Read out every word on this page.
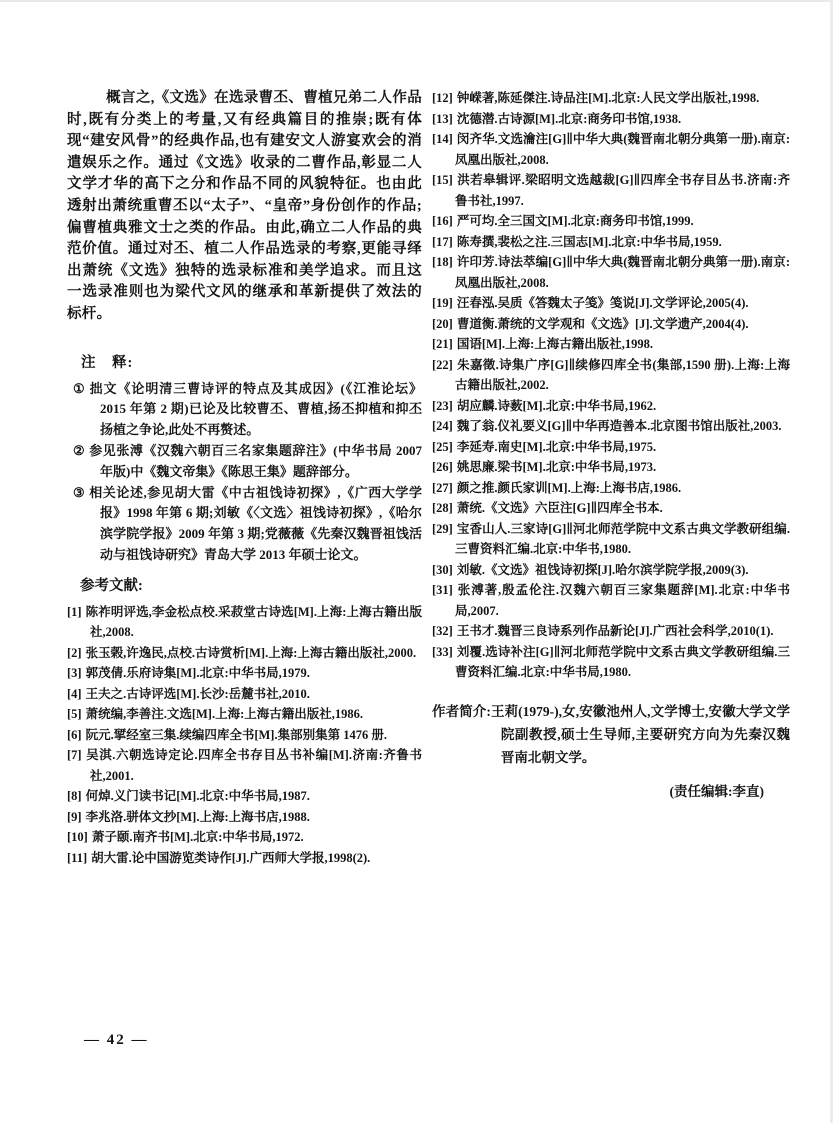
概言之,《文选》在选录曹丕、曹植兄弟二人作品时,既有分类上的考量,又有经典篇目的推崇;既有体现“建安风骨”的经典作品,也有建安文人游宴欢会的消遣娱乐之作。通过《文选》收录的二曹作品,彰显二人文学才华的高下之分和作品不同的风貌特征。也由此透射出萧统重曹丕以“太子”、“皇帝”身份创作的作品;偏曹植典雅文士之类的作品。由此,确立二人作品的典范价值。通过对丕、植二人作品选录的考察,更能寻绎出萧统《文选》独特的选录标准和美学追求。而且这一选录准则也为梁代文风的继承和革新提供了效法的标杆。

注　释:
① 拙文《论明清三曹诗评的特点及其成因》(《江淮论坛》2015 年第 2 期)已论及比较曹丕、曹植,扬丕抑植和抑丕扬植之争论,此处不再赘述。
② 参见张溥《汉魏六朝百三名家集题辞注》(中华书局 2007 年版)中《魏文帝集》《陈思王集》题辞部分。
③ 相关论述,参见胡大雷《中古祖饯诗初探》,《广西大学学报》1998 年第 6 期;刘敏《〈文选〉祖饯诗初探》,《哈尔滨学院学报》2009 年第 3 期;党薇薇《先秦汉魏晋祖饯活动与祖饯诗研究》青岛大学 2013 年硕士论文。
参考文献:
[1] 陈祚明评选,李金松点校.采菽堂古诗选[M].上海:上海古籍出版社,2008.
[2] 张玉榖,许逸民,点校.古诗赏析[M].上海:上海古籍出版社,2000.
[3] 郭茂倩.乐府诗集[M].北京:中华书局,1979.
[4] 王夫之.古诗评选[M].长沙:岳麓书社,2010.
[5] 萧统编,李善注.文选[M].上海:上海古籍出版社,1986.
[6] 阮元.揅经室三集.续编四库全书[M].集部别集第 1476 册.
[7] 吴淇.六朝选诗定论.四库全书存目丛书补编[M].济南:齐鲁书社,2001.
[8] 何焯.义门读书记[M].北京:中华书局,1987.
[9] 李兆洛.骈体文抄[M].上海:上海书店,1988.
[10] 萧子颐.南齐书[M].北京:中华书局,1972.
[11] 胡大雷.论中国游览类诗作[J].广西师大学报,1998(2).
[12] 钟嵘著,陈延傑注.诗品注[M].北京:人民文学出版社,1998.
[13] 沈德潜.古诗源[M].北京:商务印书馆,1938.
[14] 闵齐华.文选瀹注[G]∥中华大典(魏晋南北朝分典第一册).南京:凤凰出版社,2008.
[15] 洪若皋辑评.梁昭明文选越裁[G]∥四库全书存目丛书.济南:齐鲁书社,1997.
[16] 严可均.全三国文[M].北京:商务印书馆,1999.
[17] 陈寿撰,裴松之注.三国志[M].北京:中华书局,1959.
[18] 许印芳.诗法萃编[G]∥中华大典(魏晋南北朝分典第一册).南京:凤凰出版社,2008.
[19] 汪春泓.吴质《答魏太子笺》笺说[J].文学评论,2005(4).
[20] 曹道衡.萧统的文学观和《文选》[J].文学遗产,2004(4).
[21] 国语[M].上海:上海古籍出版社,1998.
[22] 朱嘉徵.诗集广序[G]∥续修四库全书(集部,1590 册).上海:上海古籍出版社,2002.
[23] 胡应麟.诗薮[M].北京:中华书局,1962.
[24] 魏了翁.仪礼要义[G]∥中华再造善本.北京图书馆出版社,2003.
[25] 李延寿.南史[M].北京:中华书局,1975.
[26] 姚思廉.梁书[M].北京:中华书局,1973.
[27] 颜之推.颜氏家训[M].上海:上海书店,1986.
[28] 萧统.《文选》六臣注[G]∥四库全书本.
[29] 宝香山人.三家诗[G]∥河北师范学院中文系古典文学教研组编.三曹资料汇编.北京:中华书,1980.
[30] 刘敏.《文选》祖饯诗初探[J].哈尔滨学院学报,2009(3).
[31] 张溥著,殷孟伦注.汉魏六朝百三家集题辞[M].北京:中华书局,2007.
[32] 王书才.魏晋三良诗系列作品新论[J].广西社会科学,2010(1).
[33] 刘覆.选诗补注[G]∥河北师范学院中文系古典文学教研组编.三曹资料汇编.北京:中华书局,1980.
作者简介:王莉(1979-),女,安徽池州人,文学博士,安徽大学文学院副教授,硕士生导师,主要研究方向为先秦汉魏晋南北朝文学。
(责任编辑:李直)
— 42 —
